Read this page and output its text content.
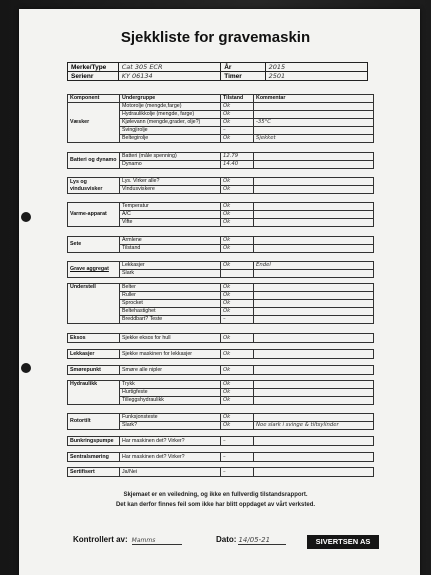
Sjekkliste for gravemaskin
Merke/Type	Cat 305 ECR	År	2015
Serienr	KY 06134	Timer	2501
Komponent	Undergruppe	Tilstand	Kommentar
Væsker	Motorolje (mengde,farge)	Ok	
	Hydraulikkolje (mengde, farge)	Ok	
	Kjølevann (mengde,grader, olje?)	Ok	-35°C
	Svingjirolje	–	
	Beltegirolje	Ok	Sjekket
Batteri og dynamo	Batteri (måle spenning)	12.79	
	Dynamo	14.40	
Lys og vindusvisker	Lys. Virker alle?	Ok	
	Vindusviskere	Ok	
Varme-apparat	Temperatur	Ok	
	A/C	Ok	
	Vifte	Ok	
Sete	Armlene	Ok	
	Tilstand	Ok	
Grave aggregat	Lekkasjer	Ok	Endel
	Slark		
Understell	Belter	Ok	
	Ruller	Ok	
	Sprocket	Ok	
	Beltehastighet	Ok	
	Breddbart? Teste	–	
Eksos	Sjekke eksos for hull	Ok	
Lekkasjer	Sjekke maskinen for lekkasjer	Ok	
Smørepunkt	Smøre alle nipler	Ok	
Hydraulikk	Trykk	Ok	
	Hurtigfeste	Ok	
	Tilleggshydraulikk	Ok	
Rotortilt	Funksjonsteste	Ok	
	Slark?	Ok	Noe slark i svinge & tiltsylinder
Bunkringspumpe	Har maskinen det? Virker?	–	
Sentralsmøring	Har maskinen det? Virker?	–	
Sertifisert	Ja/Nei	–	
Skjemaet er en veiledning, og ikke en fullverdig tilstandsrapport.
Det kan derfor finnes feil som ikke har blitt oppdaget av vårt verksted.
Kontrollert av: Mamms	Dato: 14/05-21	SIVERTSEN AS
